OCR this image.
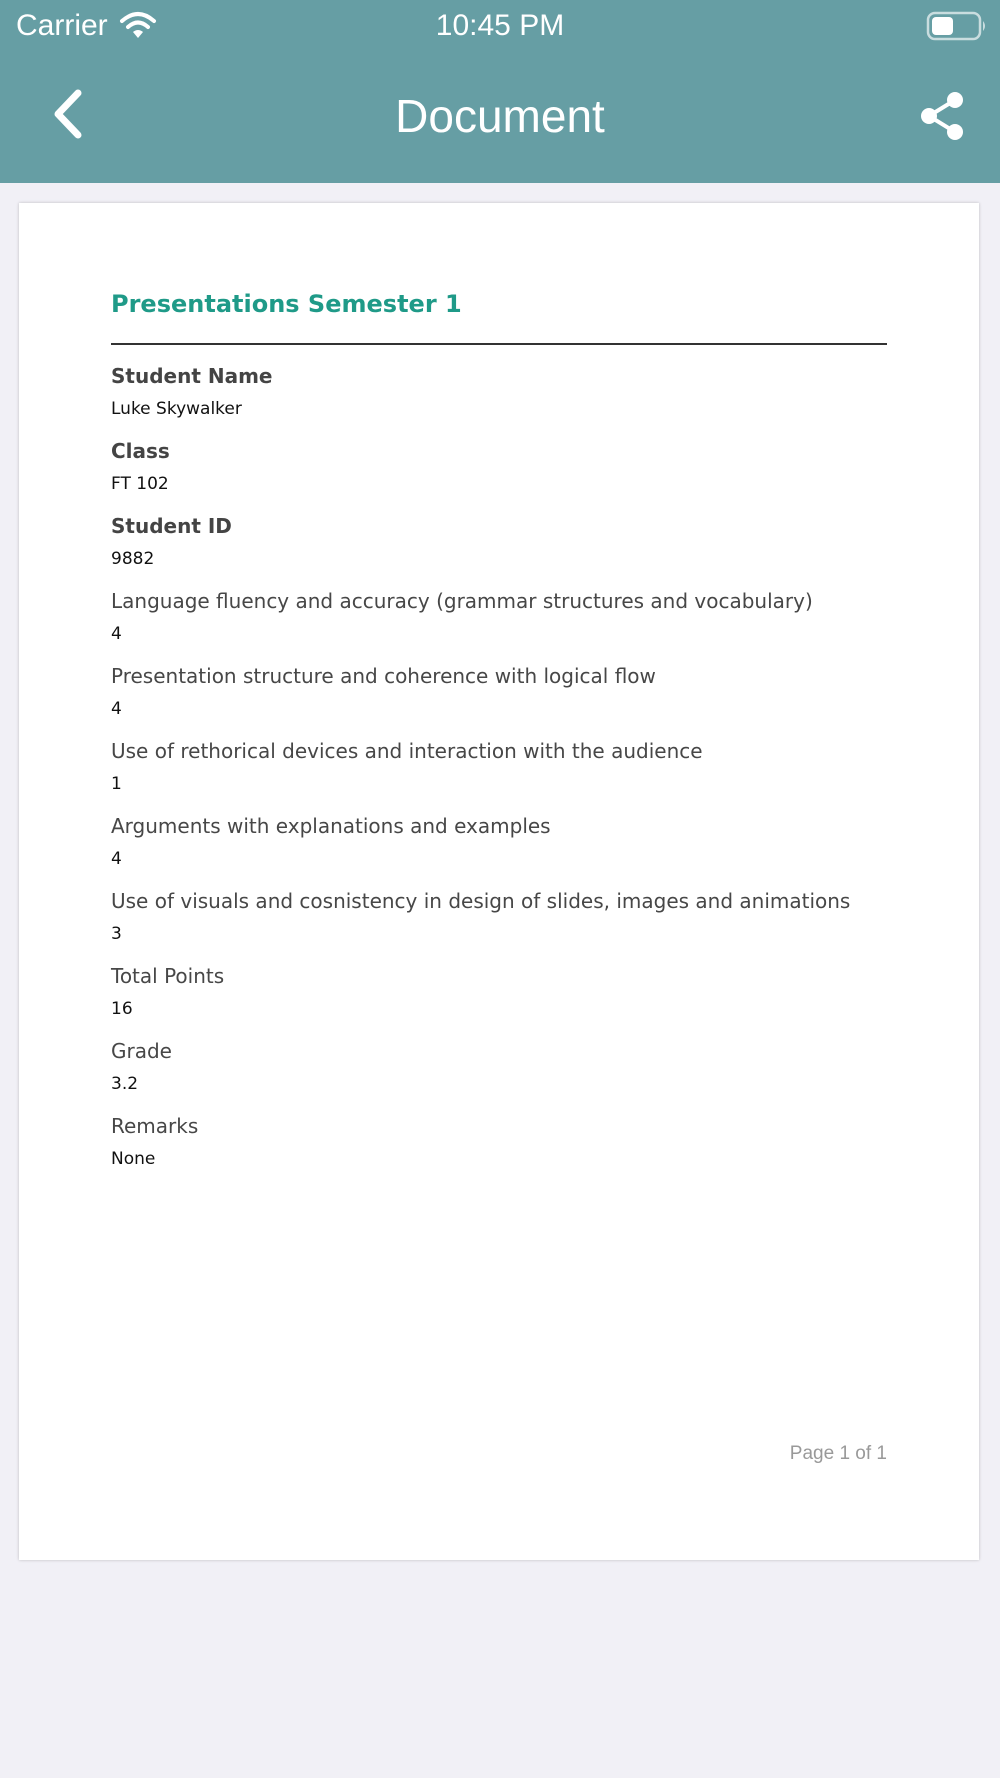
Carrier	10:45 PM
Document
Presentations Semester 1
Student Name
Luke Skywalker
Class
FT 102
Student ID
9882
Language fluency and accuracy (grammar structures and vocabulary)
4
Presentation structure and coherence with logical flow
4
Use of rethorical devices and interaction with the audience
1
Arguments with explanations and examples
4
Use of visuals and cosnistency in design of slides, images and animations
3
Total Points
16
Grade
3.2
Remarks
None
Page 1 of 1
